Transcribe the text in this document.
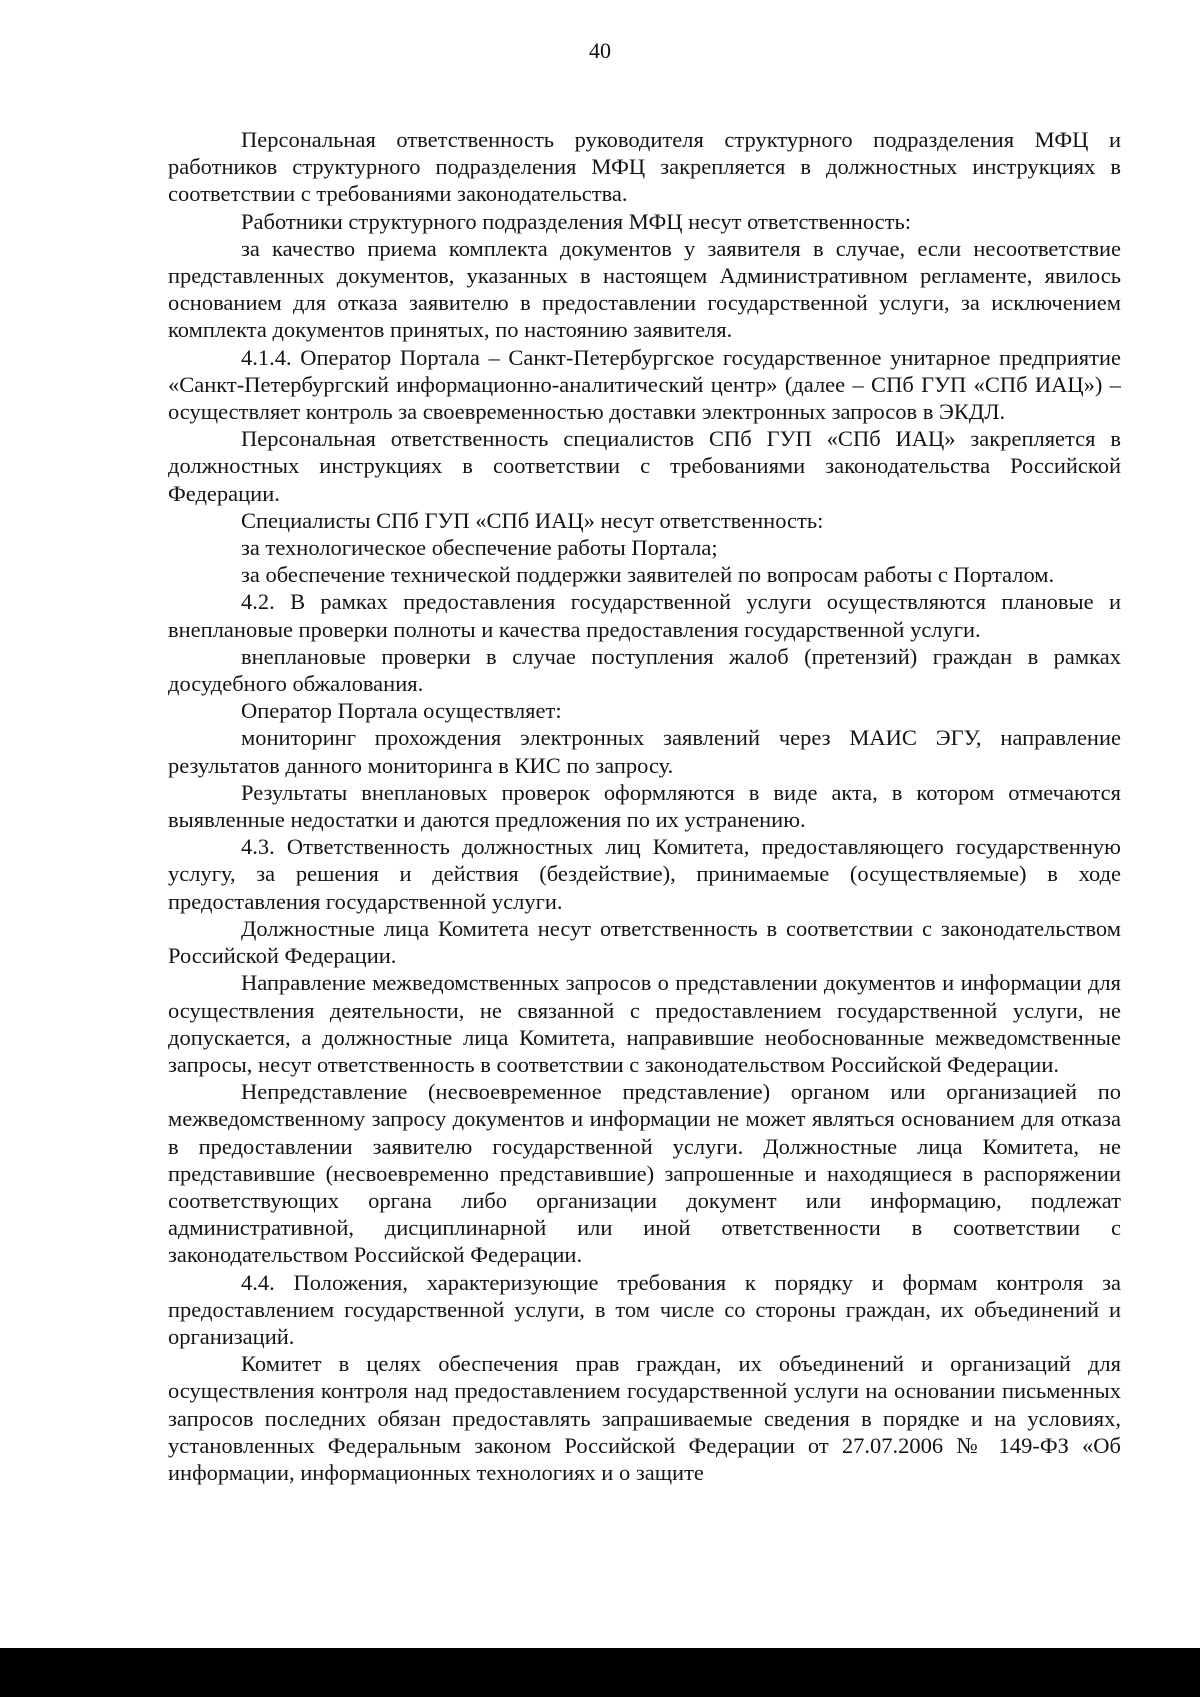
40

Персональная ответственность руководителя структурного подразделения МФЦ и работников структурного подразделения МФЦ закрепляется в должностных инструкциях в соответствии с требованиями законодательства.

Работники структурного подразделения МФЦ несут ответственность:

за качество приема комплекта документов у заявителя в случае, если несоответствие представленных документов, указанных в настоящем Административном регламенте, явилось основанием для отказа заявителю в предоставлении государственной услуги, за исключением комплекта документов принятых, по настоянию заявителя.

4.1.4. Оператор Портала – Санкт-Петербургское государственное унитарное предприятие «Санкт-Петербургский информационно-аналитический центр» (далее – СПб ГУП «СПб ИАЦ») – осуществляет контроль за своевременностью доставки электронных запросов в ЭКДЛ.

Персональная ответственность специалистов СПб ГУП «СПб ИАЦ» закрепляется в должностных инструкциях в соответствии с требованиями законодательства Российской Федерации.

Специалисты СПб ГУП «СПб ИАЦ» несут ответственность:

за технологическое обеспечение работы Портала;

за обеспечение технической поддержки заявителей по вопросам работы с Порталом.

4.2. В рамках предоставления государственной услуги осуществляются плановые и внеплановые проверки полноты и качества предоставления государственной услуги.

внеплановые проверки в случае поступления жалоб (претензий) граждан в рамках досудебного обжалования.

Оператор Портала осуществляет:

мониторинг прохождения электронных заявлений через МАИС ЭГУ, направление результатов данного мониторинга в КИС по запросу.

Результаты внеплановых проверок оформляются в виде акта, в котором отмечаются выявленные недостатки и даются предложения по их устранению.

4.3. Ответственность должностных лиц Комитета, предоставляющего государственную услугу, за решения и действия (бездействие), принимаемые (осуществляемые) в ходе предоставления государственной услуги.

Должностные лица Комитета несут ответственность в соответствии с законодательством Российской Федерации.

Направление межведомственных запросов о представлении документов и информации для осуществления деятельности, не связанной с предоставлением государственной услуги, не допускается, а должностные лица Комитета, направившие необоснованные межведомственные запросы, несут ответственность в соответствии с законодательством Российской Федерации.

Непредставление (несвоевременное представление) органом или организацией по межведомственному запросу документов и информации не может являться основанием для отказа в предоставлении заявителю государственной услуги. Должностные лица Комитета, не представившие (несвоевременно представившие) запрошенные и находящиеся в распоряжении соответствующих органа либо организации документ или информацию, подлежат административной, дисциплинарной или иной ответственности в соответствии с законодательством Российской Федерации.

4.4. Положения, характеризующие требования к порядку и формам контроля за предоставлением государственной услуги, в том числе со стороны граждан, их объединений и организаций.

Комитет в целях обеспечения прав граждан, их объединений и организаций для осуществления контроля над предоставлением государственной услуги на основании письменных запросов последних обязан предоставлять запрашиваемые сведения в порядке и на условиях, установленных Федеральным законом Российской Федерации от 27.07.2006 № 149-ФЗ «Об информации, информационных технологиях и о защите
